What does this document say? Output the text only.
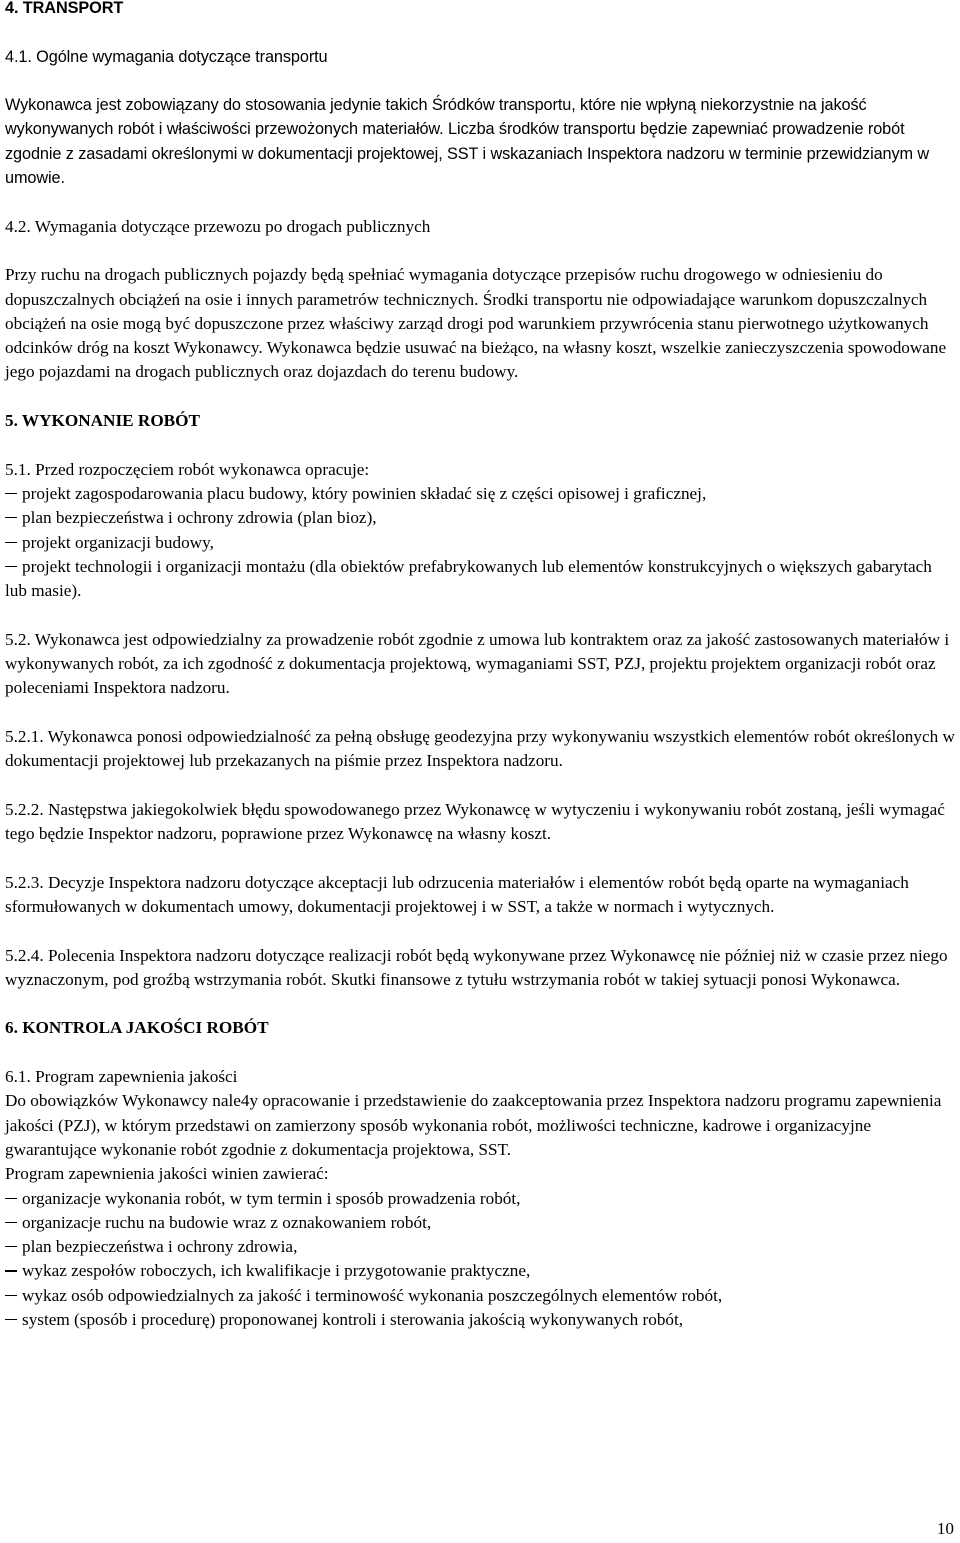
4. TRANSPORT

4.1. Ogólne wymagania dotyczące transportu

Wykonawca jest zobowiązany do stosowania jedynie takich Śródków transportu, które nie wpłyną niekorzystnie na jakość wykonywanych robót i właściwości przewożonych materiałów. Liczba środków transportu będzie zapewniać prowadzenie robót zgodnie z zasadami określonymi w dokumentacji projektowej, SST i wskazaniach Inspektora nadzoru w terminie przewidzianym w umowie.

4.2. Wymagania dotyczące przewozu po drogach publicznych

Przy ruchu na drogach publicznych pojazdy będą spełniać wymagania dotyczące przepisów ruchu drogowego w odniesieniu do dopuszczalnych obciążeń na osie i innych parametrów technicznych. Środki transportu nie odpowiadające warunkom dopuszczalnych obciążeń na osie mogą być dopuszczone przez właściwy zarząd drogi pod warunkiem przywrócenia stanu pierwotnego użytkowanych odcinków dróg na koszt Wykonawcy. Wykonawca będzie usuwać na bieżąco, na własny koszt, wszelkie zanieczyszczenia spowodowane jego pojazdami na drogach publicznych oraz dojazdach do terenu budowy.

5. WYKONANIE ROBÓT

5.1. Przed rozpoczęciem robót wykonawca opracuje:

projekt zagospodarowania placu budowy, który powinien składać się z części opisowej i graficznej,
plan bezpieczeństwa i ochrony zdrowia (plan bioz),
projekt organizacji budowy,
projekt technologii i organizacji montażu (dla obiektów prefabrykowanych lub elementów konstrukcyjnych o większych gabarytach lub masie).

5.2. Wykonawca jest odpowiedzialny za prowadzenie robót zgodnie z umowa lub kontraktem oraz za jakość zastosowanych materiałów i wykonywanych robót, za ich zgodność z dokumentacja projektową, wymaganiami SST, PZJ, projektu projektem organizacji robót oraz poleceniami Inspektora nadzoru.

5.2.1. Wykonawca ponosi odpowiedzialność za pełną obsługę geodezyjna przy wykonywaniu wszystkich elementów robót określonych w dokumentacji projektowej lub przekazanych na piśmie przez Inspektora nadzoru.

5.2.2. Następstwa jakiegokolwiek błędu spowodowanego przez Wykonawcę w wytyczeniu i wykonywaniu robót zostaną, jeśli wymagać tego będzie Inspektor nadzoru, poprawione przez Wykonawcę na własny koszt.

5.2.3. Decyzje Inspektora nadzoru dotyczące akceptacji lub odrzucenia materiałów i elementów robót będą oparte na wymaganiach sformułowanych w dokumentach umowy, dokumentacji projektowej i w SST, a także w normach i wytycznych.

5.2.4. Polecenia Inspektora nadzoru dotyczące realizacji robót będą wykonywane przez Wykonawcę nie później niż w czasie przez niego wyznaczonym, pod groźbą wstrzymania robót. Skutki finansowe z tytułu wstrzymania robót w takiej sytuacji ponosi Wykonawca.

6. KONTROLA JAKOŚCI ROBÓT

6.1. Program zapewnienia jakości

Do obowiązków Wykonawcy nale4y opracowanie i przedstawienie do zaakceptowania przez Inspektora nadzoru programu zapewnienia jakości (PZJ), w którym przedstawi on zamierzony sposób wykonania robót, możliwości techniczne, kadrowe i organizacyjne gwarantujące wykonanie robót zgodnie z dokumentacja projektowa, SST.

Program zapewnienia jakości winien zawierać:

organizacje wykonania robót, w tym termin i sposób prowadzenia robót,
organizacje ruchu na budowie wraz z oznakowaniem robót,
plan bezpieczeństwa i ochrony zdrowia,
wykaz zespołów roboczych, ich kwalifikacje i przygotowanie praktyczne,
wykaz osób odpowiedzialnych za jakość i terminowość wykonania poszczególnych elementów robót,
system (sposób i procedurę) proponowanej kontroli i sterowania jakością wykonywanych robót,
10
